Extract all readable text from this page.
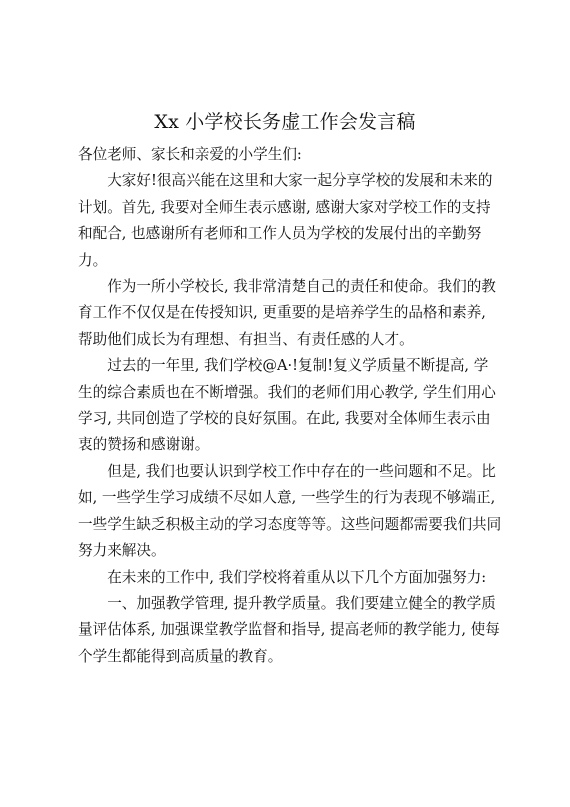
Xx 小学校长务虚工作会发言稿

各位老师、家长和亲爱的小学生们:

大家好!很高兴能在这里和大家一起分享学校的发展和未来的计划。首先, 我要对全师生表示感谢, 感谢大家对学校工作的支持和配合, 也感谢所有老师和工作人员为学校的发展付出的辛勤努力。

作为一所小学校长, 我非常清楚自己的责任和使命。我们的教育工作不仅仅是在传授知识, 更重要的是培养学生的品格和素养, 帮助他们成长为有理想、有担当、有责任感的人才。

过去的一年里, 我们学校@A·!复制!复义学质量不断提高, 学生的综合素质也在不断增强。我们的老师们用心教学, 学生们用心学习, 共同创造了学校的良好氛围。在此, 我要对全体师生表示由衷的赞扬和感谢谢。

但是, 我们也要认识到学校工作中存在的一些问题和不足。比如, 一些学生学习成绩不尽如人意, 一些学生的行为表现不够端正, 一些学生缺乏积极主动的学习态度等等。这些问题都需要我们共同努力来解决。

在未来的工作中, 我们学校将着重从以下几个方面加强努力:

一、加强教学管理, 提升教学质量。我们要建立健全的教学质量评估体系, 加强课堂教学监督和指导, 提高老师的教学能力, 使每个学生都能得到高质量的教育。
